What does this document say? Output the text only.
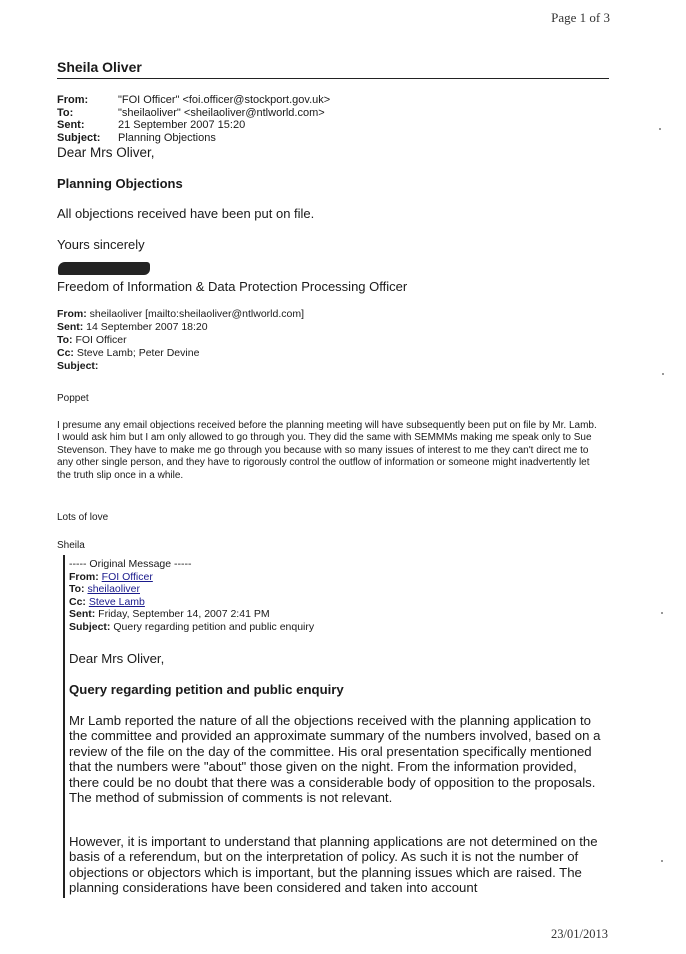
Page 1 of 3
Sheila Oliver
From:	"FOI Officer" <foi.officer@stockport.gov.uk>
To:	"sheilaoliver" <sheilaoliver@ntlworld.com>
Sent:	21 September 2007 15:20
Subject:	Planning Objections
Dear Mrs Oliver,
Planning Objections
All objections received have been put on file.
Yours sincerely
Freedom of Information & Data Protection Processing Officer
From: sheilaoliver [mailto:sheilaoliver@ntlworld.com]
Sent: 14 September 2007 18:20
To: FOI Officer
Cc: Steve Lamb; Peter Devine
Subject:
Poppet
I presume any email objections received before the planning meeting will have subsequently been put on file by Mr. Lamb. I would ask him but I am only allowed to go through you. They did the same with SEMMMs making me speak only to Sue Stevenson. They have to make me go through you because with so many issues of interest to me they can't direct me to any other single person, and they have to rigorously control the outflow of information or someone might inadvertently let the truth slip once in a while.
Lots of love
Sheila
----- Original Message -----
From: FOI Officer
To: sheilaoliver
Cc: Steve Lamb
Sent: Friday, September 14, 2007 2:41 PM
Subject: Query regarding petition and public enquiry
Dear Mrs Oliver,
Query regarding petition and public enquiry
Mr Lamb reported the nature of all the objections received with the planning application to the committee and provided an approximate summary of the numbers involved, based on a review of the file on the day of the committee. His oral presentation specifically mentioned that the numbers were "about" those given on the night. From the information provided, there could be no doubt that there was a considerable body of opposition to the proposals. The method of submission of comments is not relevant.
However, it is important to understand that planning applications are not determined on the basis of a referendum, but on the interpretation of policy. As such it is not the number of objections or objectors which is important, but the planning issues which are raised. The planning considerations have been considered and taken into account
23/01/2013
